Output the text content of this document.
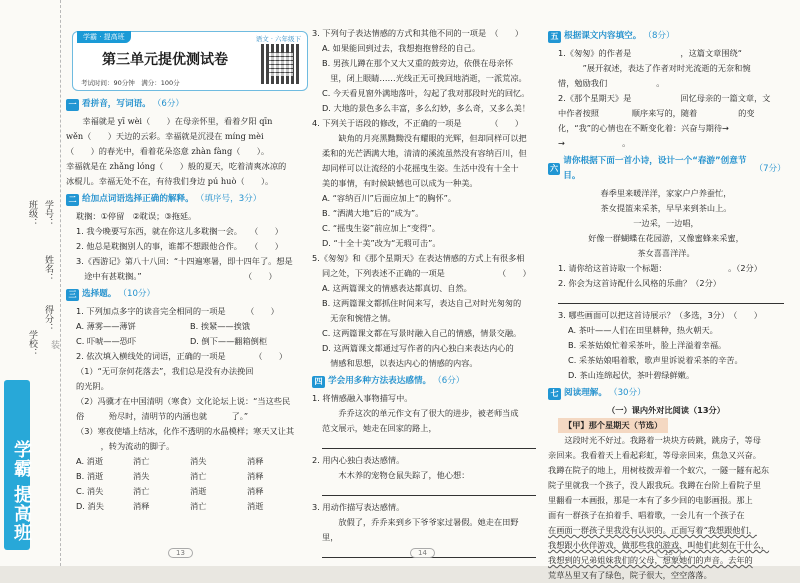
学号：
姓名：
得分：
班级：
学校： 装
学霸 提高班
学霸 · 提高班	语文 · 六年级下
第三单元提优测试卷
考试时间：90分钟　满分：100分
一 看拼音，写词语。 （6分）

　　幸福就是 yī wèi（　　）在母亲怀里，看着夕阳 qīn

wěn（　　）天边的云彩。幸福就是沉浸在 míng mèi

（　　）的春光中，看着花朵恣意 zhàn fàng（　　）。

幸福就是在 zhǎng lóng（　　）般的夏天，吃着清爽冰凉的

冰棍儿。幸福无处不在，有待我们身边 pú huò（　　）。

二 给加点词语选择正确的解释。 （填序号，3分）

耽搁：①停留　②耽误；③拖延。

1. 我今晚要写东西，就在你这儿多耽搁一会。　　（　　）

2. 他总是耽搁别人的事，谁都不想跟他合作。　　（　　）

3.《西游记》第八十八回：“十四遍寒暑，即十四年了。想是

　途中有甚耽搁。”　　　　　　　　　　　　　（　　）

三 选择题。 （10分）

1. 下列加点多字的读音完全相同的一项是　　　（　　）

A. 薄雾——薄饼	B. 挨紧——挨饿
C. 吓唬——恐吓	D. 倒下——翻箱倒柜

2. 依次填入横线处的词语，正确的一项是　　　　（　　）

（1）“无可奈何花落去”，我们总是没有办法挽回

的光阴。

（2）冯骥才在中国清明（寒食）文化论坛上说：“当这些民

俗　　　殆尽时，清明节的内涵也就　　　了。”

（3）寒夜使墙上结冰，化作不透明的水晶模样；寒天又让其

　　　，转为流动的脚子。

A. 消逝	消亡	消失	消释
B. 消逝	消失	消亡	消释
C. 消失	消亡	消逝	消释
D. 消失	消释	消亡	消逝
13

3. 下列句子表达情感的方式和其他不同的一项是　（　　）

A. 如果能回到过去，我想抱抱曾经的自己。

B. 男孩儿蹲在那个又大又重的鼓旁边，依偎在母亲怀

　里，闭上眼睛……光线正无可挽回地消逝，一派荒凉。

C. 今天看見窗外满地落叶，勾起了我对那段时光的回忆。

D. 大地的景色多么丰富，多么幻妙，多么奇，又多么美！

4. 下列关于语段的修改，不正确的一项是　　　　（　　）

　　缺角的月亮黑黝黝没有耀眼的光辉，但却同样可以把

柔和的光芒洒满大地，清清的溪流虽然没有容纳百川，但

却同样可以让流经的小花摇曳生姿。生活中没有十全十

美的事情，有时候缺憾也可以成为一种美。

A. “容纳百川”后面应加上“的胸怀”。

B. “洒满大地”后的“成为”。

C. “摇曳生姿”前应加上“变得”。

D. “十全十美”改为“无瑕可击”。

5.《匆匆》和《那个星期天》在表达情感的方式上有很多相

同之处，下列表述不正确的一项是　　　　　　　（　　）

A. 这两篇课文的情感表达都真切、自然。

B. 这两篇课文都抓住时间来写，表达自己对时光匆匆的

　无奈和惋惜之情。

C. 这两篇课文都在写景时融入自己的情感，情景交融。

D. 这两篇课文都通过写作者的内心独白来表达内心的

　情感和思想，以表达内心的情感的内容。

四 学会用多种方法表达感情。 （6分）

1. 将情感融入事物描写中。

　　乔乔这次的单元作文有了很大的进步，被老师当成

范文展示，她走在回家的路上，

2. 用内心独白表达感情。

　　木木养的宠物仓鼠失踪了，他心想：

3. 用动作描写表达感情。

　　放假了，乔乔来到乡下爷爷家过暑假。她走在田野

里，

14
五 根据课文内容填空。 （8分）

1.《匆匆》的作者是　　　　　　，这篇文章围绕“

　　　”展开叙述，表达了作者对时光流逝的无奈和惋

惜，勉励我们　　　　　　。

2.《那个星期天》是　　　　　　回忆母亲的一篇文章，文

中作者按照　　　　顺序来写的，随着　　　　　的变

化，“我”的心情也在不断变化着：兴奋与期待→

→　　　　　　　。

六
请你根据下面一首小诗，设计一个“春游”创意节目。
（7分）

春季里来暖洋洋，家家户户养蚕忙，

茶女提篮来采茶，早早来到茶山上。

一边采，一边唱，

好像一群蝴蝶在花园游，又像蜜蜂来采蜜，

茶女喜喜洋洋。

1. 请你给这首诗取一个标题：　　　　　　　　。（2分）

2. 你会为这首诗配什么风格的乐曲？（2分）

3. 哪些画面可以把这首诗展示？（多选，3分）　（　　）

A. 茶叶——人们在田里耕种，热火朝天。

B. 采茶姑娘忙着采茶叶，脸上洋溢着幸福。

C. 采茶姑娘唱着歌，歌声里诉说着采茶的辛苦。

D. 茶山连绵起伏，茶叶碧绿鲜嫩。

七 阅读理解。 （30分）

（一）课内外对比阅读（13分）

【甲】那个星期天（节选）

　　这段时光不好过。我路着一块块方砖跳，跳房子，等母

亲回来。我看着天上看起彩虹，等母亲回来，焦急又兴奋。

我蹲在院子的地上，用树枝拨弄着一个蚁穴，一隧一隧有起东

院子里就我一个孩子，没人跟我玩。我蹲在台阶上看院子里

里翻看一本画报，那是一本有了多少回的电影画报。那上

面有一群孩子在拍着手、唱着歌，一会儿有一个孩子在

在画面一群孩子里我没有认识的。正面写着“我想跟他们，

我想跟小伙伴游戏，做那些我的游戏、叫他们此刻在干什么，

我想到的兄弟姐妹我们的父母，想象她们的声音。去年的

荒草丛里又有了绿色，院子很大，空空落落。

15
